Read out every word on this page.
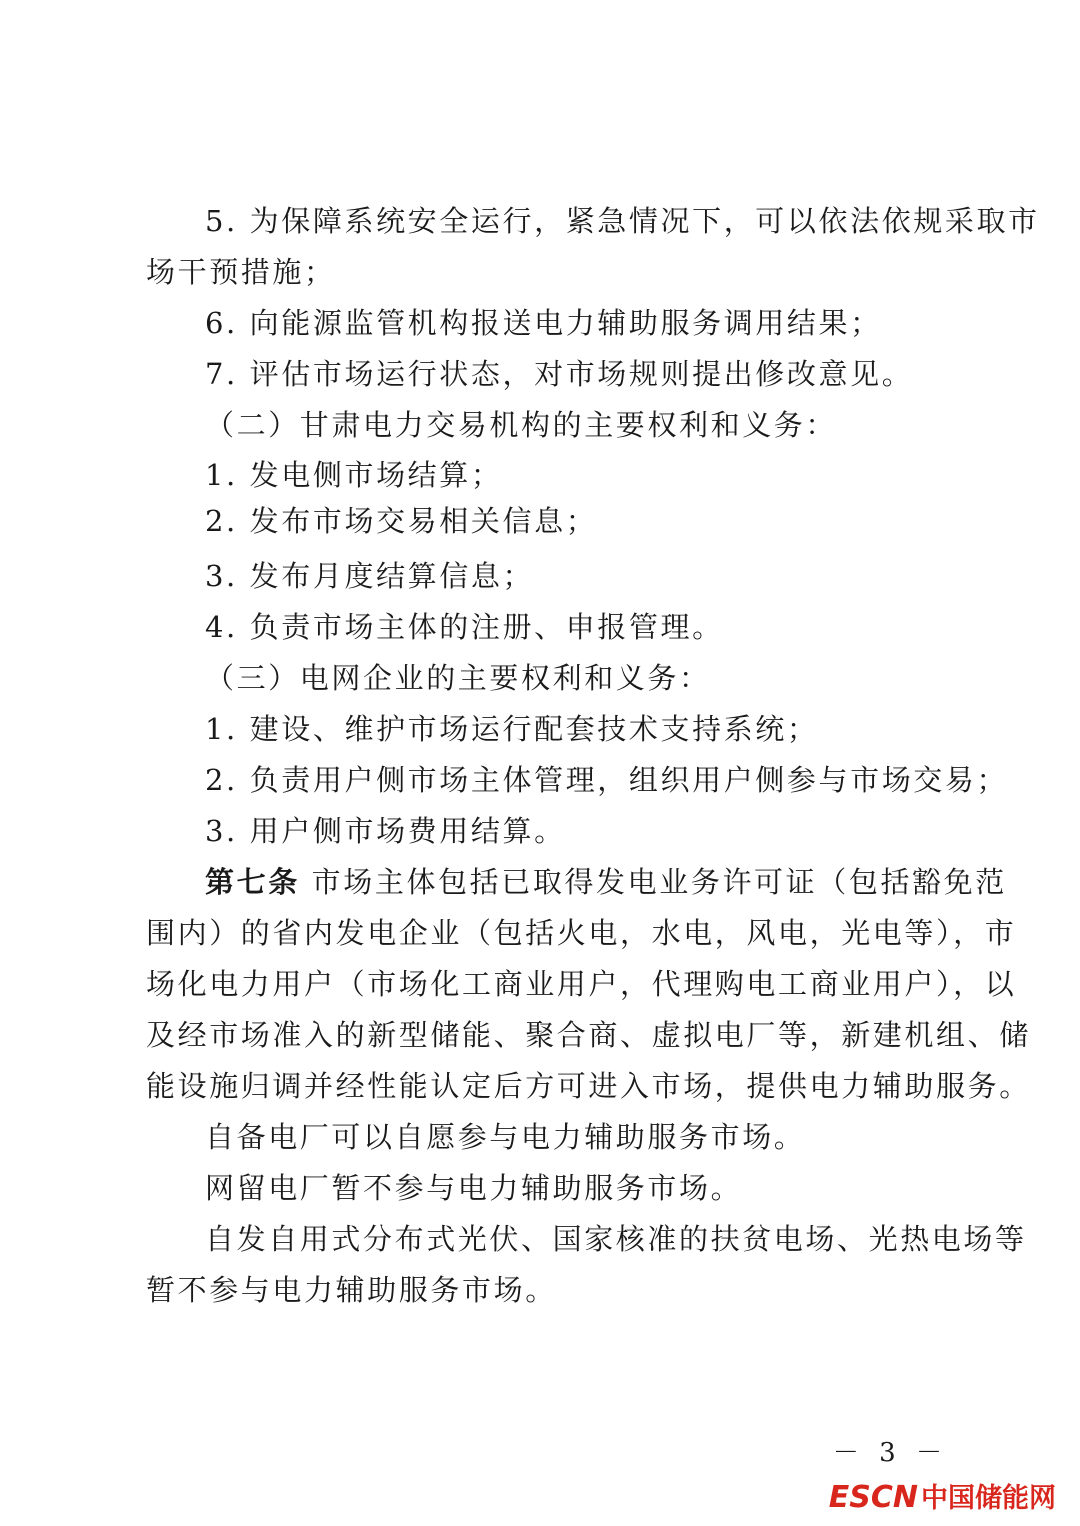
5. 为保障系统安全运行，紧急情况下，可以依法依规采取市
场干预措施；
6. 向能源监管机构报送电力辅助服务调用结果；
7. 评估市场运行状态，对市场规则提出修改意见。
（二）甘肃电力交易机构的主要权利和义务：
1. 发电侧市场结算；
2. 发布市场交易相关信息；
3. 发布月度结算信息；
4. 负责市场主体的注册、申报管理。
（三）电网企业的主要权利和义务：
1. 建设、维护市场运行配套技术支持系统；
2. 负责用户侧市场主体管理，组织用户侧参与市场交易；
3. 用户侧市场费用结算。
第七条 市场主体包括已取得发电业务许可证（包括豁免范
围内）的省内发电企业（包括火电，水电，风电，光电等），市
场化电力用户（市场化工商业用户，代理购电工商业用户），以
及经市场准入的新型储能、聚合商、虚拟电厂等，新建机组、储
能设施归调并经性能认定后方可进入市场，提供电力辅助服务。
自备电厂可以自愿参与电力辅助服务市场。
网留电厂暂不参与电力辅助服务市场。
自发自用式分布式光伏、国家核准的扶贫电场、光热电场等
暂不参与电力辅助服务市场。
－ 3 －
ESCN 中国储能网
